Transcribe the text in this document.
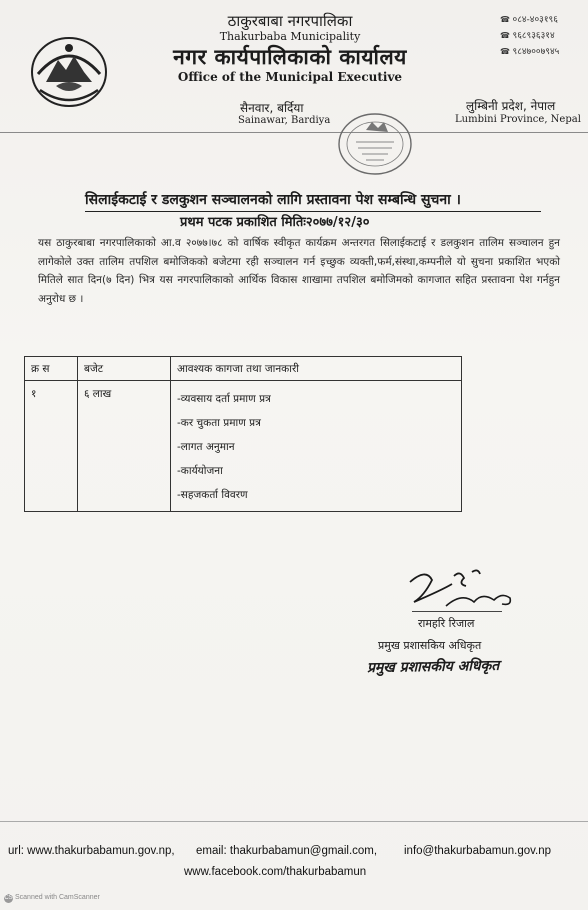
ठाकुरबाबा नगरपालिका
Thakurbaba Municipality
नगर कार्यपालिकाको कार्यालय
Office of the Municipal Executive
सैनवार, बर्दिया
Sainawar, Bardiya
☎ ०८४-४०३१९६
☎ ९६८९३६३१४
☎ ९८४७००७९४५
लुम्बिनी प्रदेश, नेपाल
Lumbini Province, Nepal
सिलाईकटाई र डलकुशन सञ्चालनको लागि प्रस्तावना पेश सम्बन्धि सुचना ।
प्रथम पटक प्रकाशित मितिः२०७७/१२/३०
यस ठाकुरबाबा नगरपालिकाको आ.व २०७७।७८ को वार्षिक स्वीकृत कार्यक्रम अन्तरगत सिलाईकटाई र डलकुशन तालिम सञ्चालन हुन लागेकोले उक्त तालिम तपशिल बमोजिकको बजेटमा रही सञ्चालन गर्न इच्छुक व्यक्ती,फर्म,संस्था,कम्पनीले यो सुचना प्रकाशित भएको मितिले सात दिन(७ दिन) भित्र यस नगरपालिकाको आर्थिक विकास शाखामा तपशिल बमोजिमको कागजात सहित प्रस्तावना पेश गर्नहुन अनुरोध छ ।
क्र स	बजेट	आवश्यक कागजा तथा जानकारी
१	६ लाख	-व्यवसाय दर्ता प्रमाण प्रत्र
-कर चुकता प्रमाण प्रत्र
-लागत अनुमान
-कार्ययोजना
-सहजकर्ता विवरण
रामहरि रिजाल
प्रमुख प्रशासकिय अधिकृत
प्रमुख प्रशासकीय अधिकृत
url: www.thakurbabamun.gov.np, email: thakurbabamun@gmail.com, info@thakurbabamun.gov.np
www.facebook.com/thakurbabamun
CS Scanned with CamScanner
